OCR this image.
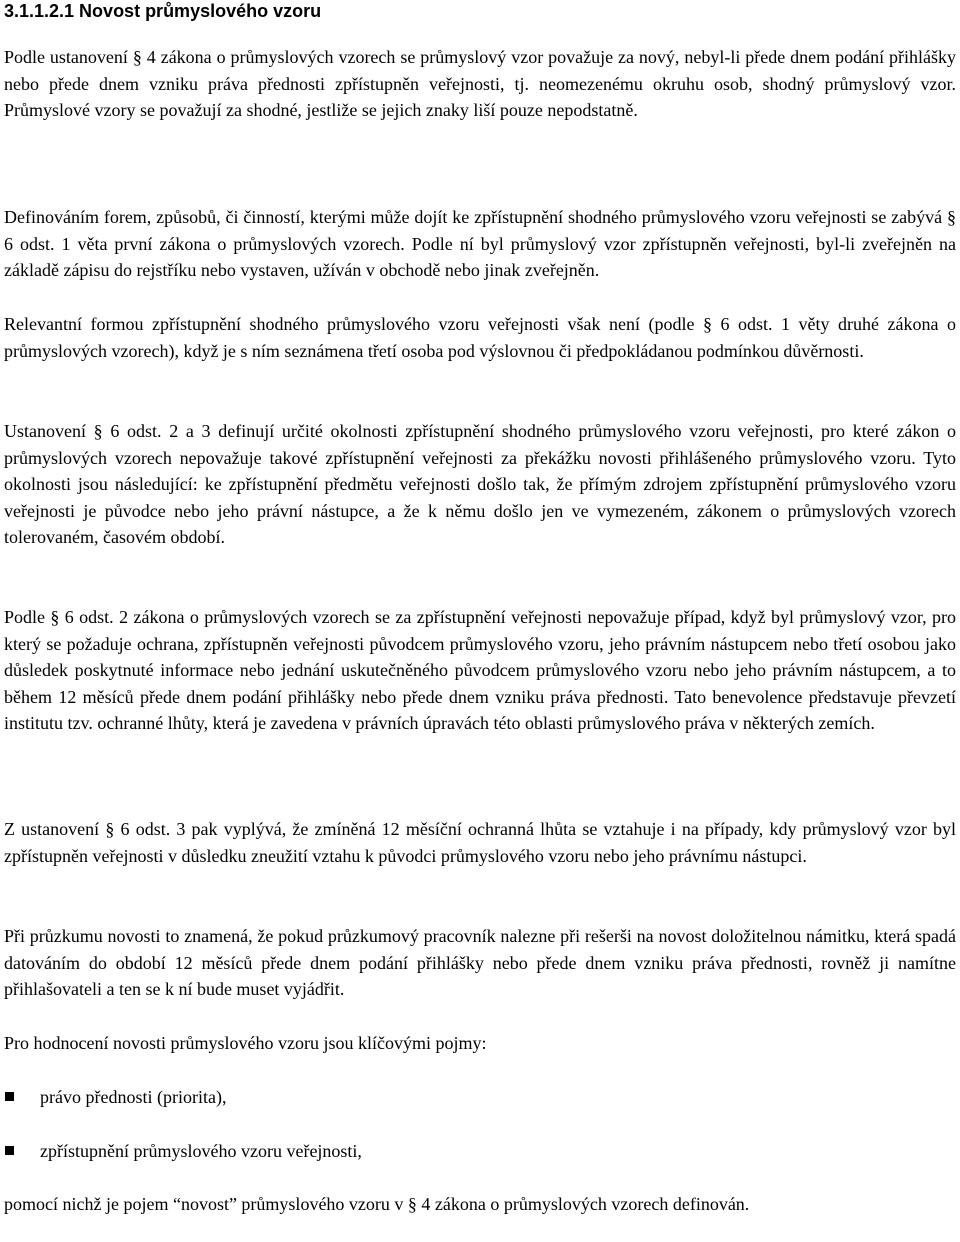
3.1.1.2.1 Novost průmyslového vzoru

Podle ustanovení § 4 zákona o průmyslových vzorech se průmyslový vzor považuje za nový, nebyl-li přede dnem podání přihlášky nebo přede dnem vzniku práva přednosti zpřístupněn veřejnosti, tj. neomezenému okruhu osob, shodný průmyslový vzor. Průmyslové vzory se považují za shodné, jestliže se jejich znaky liší pouze nepodstatně.

Definováním forem, způsobů, či činností, kterými může dojít ke zpřístupnění shodného průmyslového vzoru veřejnosti se zabývá § 6 odst. 1 věta první zákona o průmyslových vzorech. Podle ní byl průmyslový vzor zpřístupněn veřejnosti, byl-li zveřejněn na základě zápisu do rejstříku nebo vystaven, užíván v obchodě nebo jinak zveřejněn.

Relevantní formou zpřístupnění shodného průmyslového vzoru veřejnosti však není (podle § 6 odst. 1 věty druhé zákona o průmyslových vzorech), když je s ním seznámena třetí osoba pod výslovnou či předpokládanou podmínkou důvěrnosti.

Ustanovení § 6 odst. 2 a 3 definují určité okolnosti zpřístupnění shodného průmyslového vzoru veřejnosti, pro které zákon o průmyslových vzorech nepovažuje takové zpřístupnění veřejnosti za překážku novosti přihlášeného průmyslového vzoru. Tyto okolnosti jsou následující: ke zpřístupnění předmětu veřejnosti došlo tak, že přímým zdrojem zpřístupnění průmyslového vzoru veřejnosti je původce nebo jeho právní nástupce, a že k němu došlo jen ve vymezeném, zákonem o průmyslových vzorech tolerovaném, časovém období.

Podle § 6 odst. 2 zákona o průmyslových vzorech se za zpřístupnění veřejnosti nepovažuje případ, když byl průmyslový vzor, pro který se požaduje ochrana, zpřístupněn veřejnosti původcem průmyslového vzoru, jeho právním nástupcem nebo třetí osobou jako důsledek poskytnuté informace nebo jednání uskutečněného původcem průmyslového vzoru nebo jeho právním nástupcem, a to během 12 měsíců přede dnem podání přihlášky nebo přede dnem vzniku práva přednosti. Tato benevolence představuje převzetí institutu tzv. ochranné lhůty, která je zavedena v právních úpravách této oblasti průmyslového práva v některých zemích.

Z ustanovení § 6 odst. 3 pak vyplývá, že zmíněná 12 měsíční ochranná lhůta se vztahuje i na případy, kdy průmyslový vzor byl zpřístupněn veřejnosti v důsledku zneužití vztahu k původci průmyslového vzoru nebo jeho právnímu nástupci.

Při průzkumu novosti to znamená, že pokud průzkumový pracovník nalezne při rešerši na novost doložitelnou námitku, která spadá datováním do období 12 měsíců přede dnem podání přihlášky nebo přede dnem vzniku práva přednosti, rovněž ji namítne přihlašovateli a ten se k ní bude muset vyjádřit.

Pro hodnocení novosti průmyslového vzoru jsou klíčovými pojmy:

právo přednosti (priorita),
zpřístupnění průmyslového vzoru veřejnosti,

pomocí nichž je pojem “novost” průmyslového vzoru v § 4 zákona o průmyslových vzorech definován.
